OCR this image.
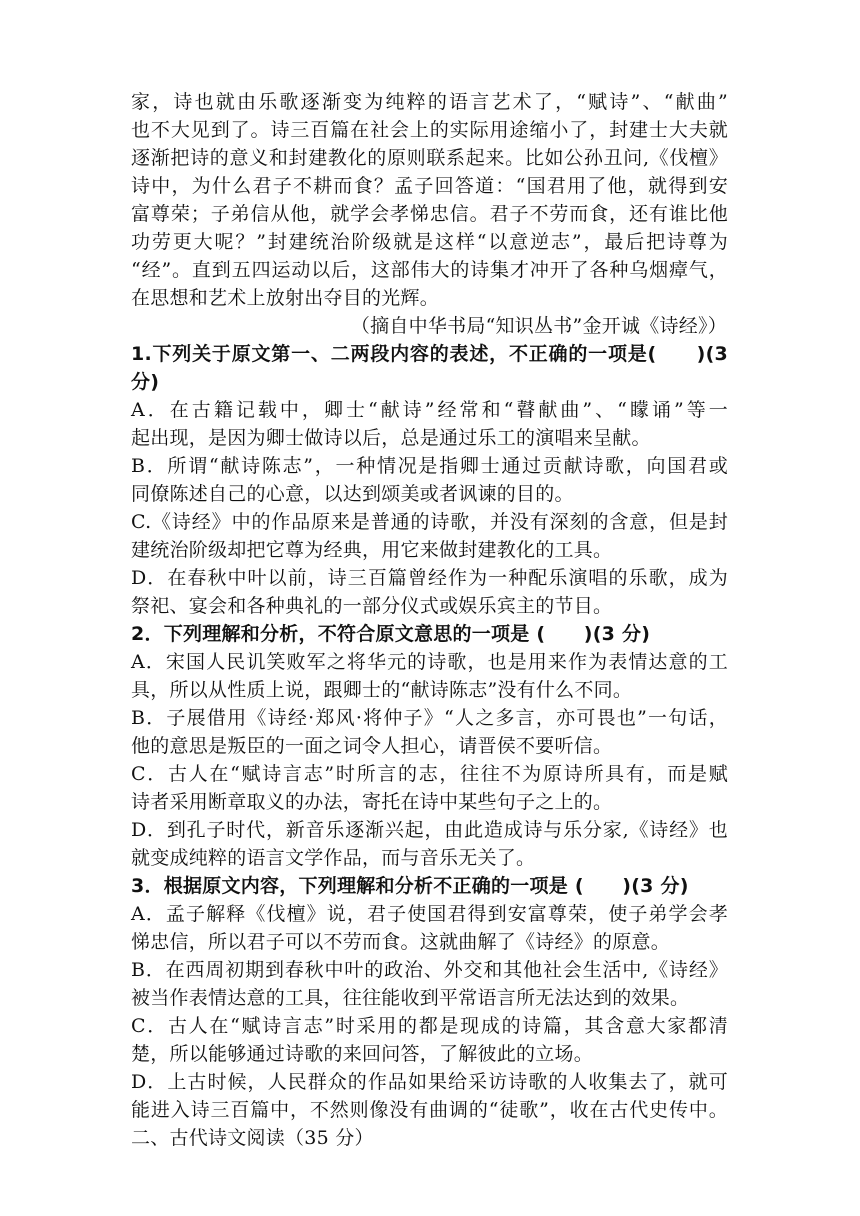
家，诗也就由乐歌逐渐变为纯粹的语言艺术了，“赋诗”、“献曲”
也不大见到了。诗三百篇在社会上的实际用途缩小了，封建士大夫就
逐渐把诗的意义和封建教化的原则联系起来。比如公孙丑问,《伐檀》
诗中，为什么君子不耕而食？孟子回答道：“国君用了他，就得到安
富尊荣；子弟信从他，就学会孝悌忠信。君子不劳而食，还有谁比他
功劳更大呢？”封建统治阶级就是这样“以意逆志”，最后把诗尊为
“经”。直到五四运动以后，这部伟大的诗集才冲开了各种乌烟瘴气，
在思想和艺术上放射出夺目的光辉。
（摘自中华书局“知识丛书”金开诚《诗经》）
1.下列关于原文第一、二两段内容的表述，不正确的一项是(　　)(3
分)
A．在古籍记载中，卿士“献诗”经常和“瞽献曲”、“矇诵”等一
起出现，是因为卿士做诗以后，总是通过乐工的演唱来呈献。
B．所谓“献诗陈志”，一种情况是指卿士通过贡献诗歌，向国君或
同僚陈述自己的心意，以达到颂美或者讽谏的目的。
C.《诗经》中的作品原来是普通的诗歌，并没有深刻的含意，但是封
建统治阶级却把它尊为经典，用它来做封建教化的工具。
D．在春秋中叶以前，诗三百篇曾经作为一种配乐演唱的乐歌，成为
祭祀、宴会和各种典礼的一部分仪式或娱乐宾主的节目。
2．下列理解和分析，不符合原文意思的一项是 (　　)(3 分)
A．宋国人民讥笑败军之将华元的诗歌，也是用来作为表情达意的工
具，所以从性质上说，跟卿士的“献诗陈志”没有什么不同。
B．子展借用《诗经·郑风·将仲子》“人之多言，亦可畏也”一句话，
他的意思是叛臣的一面之词令人担心，请晋侯不要听信。
C．古人在“赋诗言志”时所言的志，往往不为原诗所具有，而是赋
诗者采用断章取义的办法，寄托在诗中某些句子之上的。
D．到孔子时代，新音乐逐渐兴起，由此造成诗与乐分家,《诗经》也
就变成纯粹的语言文学作品，而与音乐无关了。
3．根据原文内容，下列理解和分析不正确的一项是 (　　)(3 分)
A．孟子解释《伐檀》说，君子使国君得到安富尊荣，使子弟学会孝
悌忠信，所以君子可以不劳而食。这就曲解了《诗经》的原意。
B．在西周初期到春秋中叶的政治、外交和其他社会生活中,《诗经》
被当作表情达意的工具，往往能收到平常语言所无法达到的效果。
C．古人在“赋诗言志”时采用的都是现成的诗篇，其含意大家都清
楚，所以能够通过诗歌的来回问答，了解彼此的立场。
D．上古时候，人民群众的作品如果给采访诗歌的人收集去了，就可
能进入诗三百篇中，不然则像没有曲调的“徒歌”，收在古代史传中。
二、古代诗文阅读（35 分）
